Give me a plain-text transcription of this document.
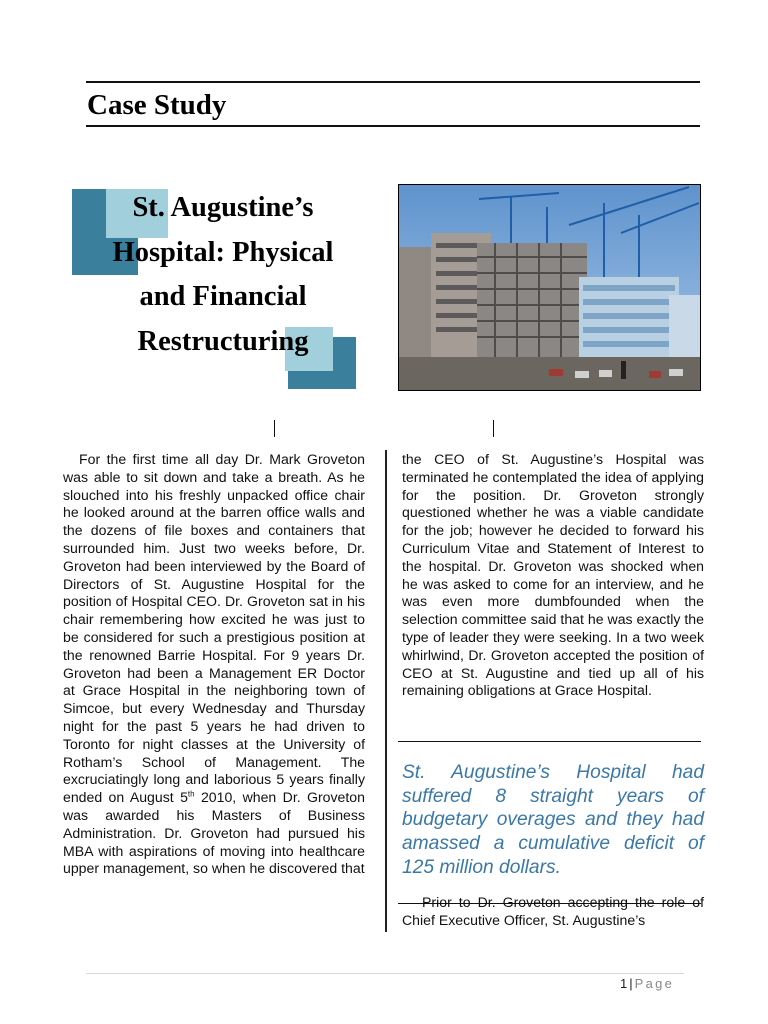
Case Study
St. Augustine’s Hospital: Physical and Financial Restructuring

For the first time all day Dr. Mark Groveton was able to sit down and take a breath. As he slouched into his freshly unpacked office chair he looked around at the barren office walls and the dozens of file boxes and containers that surrounded him. Just two weeks before, Dr. Groveton had been interviewed by the Board of Directors of St. Augustine Hospital for the position of Hospital CEO. Dr. Groveton sat in his chair remembering how excited he was just to be considered for such a prestigious position at the renowned Barrie Hospital. For 9 years Dr. Groveton had been a Management ER Doctor at Grace Hospital in the neighboring town of Simcoe, but every Wednesday and Thursday night for the past 5 years he had driven to Toronto for night classes at the University of Rotham’s School of Management. The excruciatingly long and laborious 5 years finally ended on August 5th 2010, when Dr. Groveton was awarded his Masters of Business Administration. Dr. Groveton had pursued his MBA with aspirations of moving into healthcare upper management, so when he discovered that

the CEO of St. Augustine’s Hospital was terminated he contemplated the idea of applying for the position. Dr. Groveton strongly questioned whether he was a viable candidate for the job; however he decided to forward his Curriculum Vitae and Statement of Interest to the hospital. Dr. Groveton was shocked when he was asked to come for an interview, and he was even more dumbfounded when the selection committee said that he was exactly the type of leader they were seeking. In a two week whirlwind, Dr. Groveton accepted the position of CEO at St. Augustine and tied up all of his remaining obligations at Grace Hospital.

St. Augustine’s Hospital had suffered 8 straight years of budgetary overages and they had amassed a cumulative deficit of 125 million dollars.

Prior to Dr. Groveton accepting the role of Chief Executive Officer, St. Augustine’s

1 | Page
